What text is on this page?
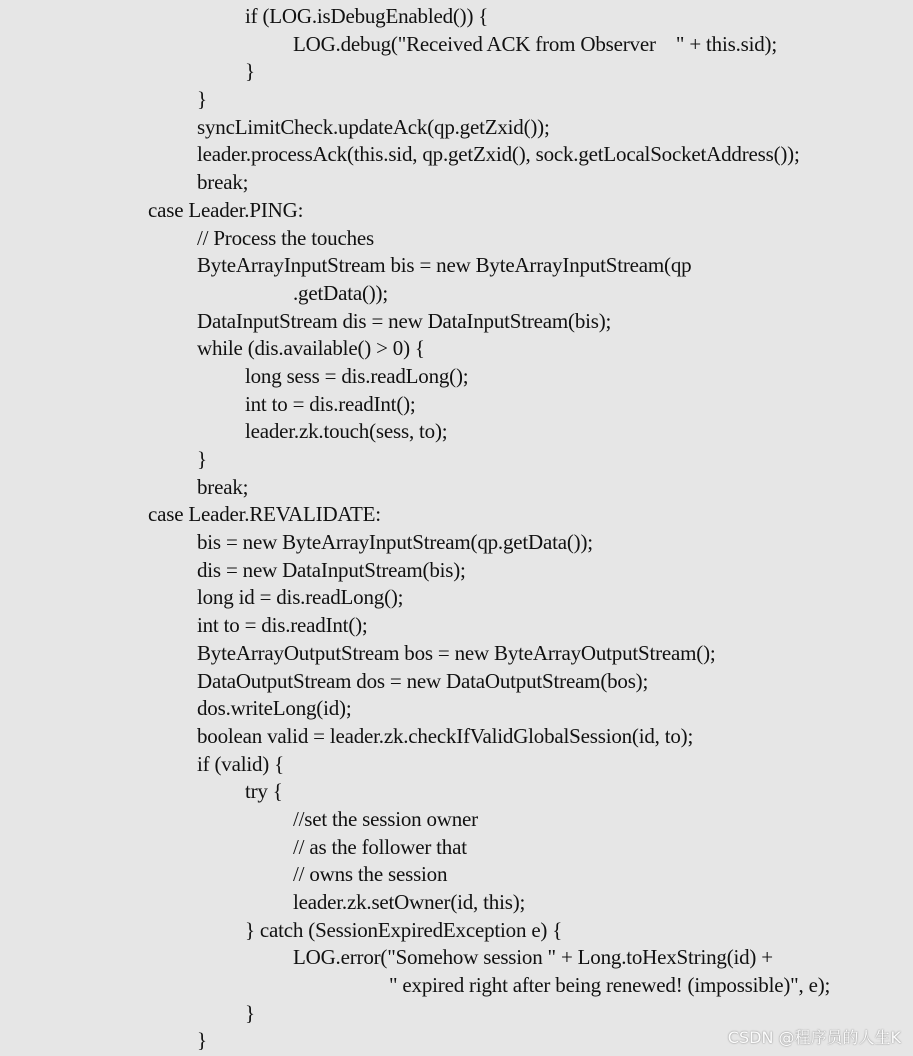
if (LOG.isDebugEnabled()) {
LOG.debug("Received ACK from Observer    " + this.sid);
}
}
syncLimitCheck.updateAck(qp.getZxid());
leader.processAck(this.sid, qp.getZxid(), sock.getLocalSocketAddress());
break;
case Leader.PING:
// Process the touches
ByteArrayInputStream bis = new ByteArrayInputStream(qp
.getData());
DataInputStream dis = new DataInputStream(bis);
while (dis.available() > 0) {
long sess = dis.readLong();
int to = dis.readInt();
leader.zk.touch(sess, to);
}
break;
case Leader.REVALIDATE:
bis = new ByteArrayInputStream(qp.getData());
dis = new DataInputStream(bis);
long id = dis.readLong();
int to = dis.readInt();
ByteArrayOutputStream bos = new ByteArrayOutputStream();
DataOutputStream dos = new DataOutputStream(bos);
dos.writeLong(id);
boolean valid = leader.zk.checkIfValidGlobalSession(id, to);
if (valid) {
try {
//set the session owner
// as the follower that
// owns the session
leader.zk.setOwner(id, this);
} catch (SessionExpiredException e) {
LOG.error("Somehow session " + Long.toHexString(id) +
" expired right after being renewed! (impossible)", e);
}
}	CSDN @程序员的人生K
